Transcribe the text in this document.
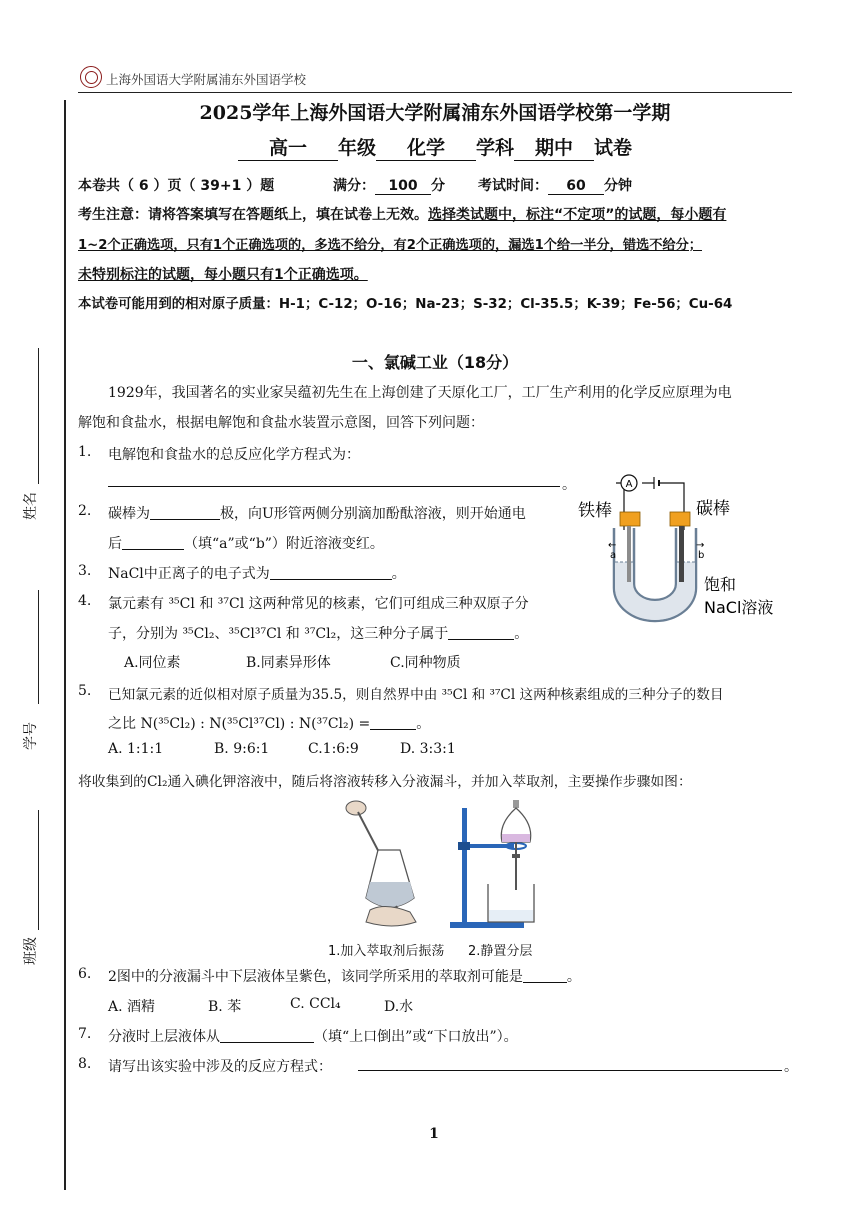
上海外国语大学附属浦东外国语学校
姓名
学号
班级
2025学年上海外国语大学附属浦东外国语学校第一学期
高一 年级 化学 学科 期中 试卷
本卷共（ 6 ）页（ 39+1 ）题	满分： 100 分 考试时间： 60 分钟
考生注意：请将答案填写在答题纸上，填在试卷上无效。选择类试题中，标注“不定项”的试题，每小题有
1~2个正确选项，只有1个正确选项的，多选不给分，有2个正确选项的，漏选1个给一半分，错选不给分；
未特别标注的试题，每小题只有1个正确选项。
本试卷可能用到的相对原子质量：H-1；C-12；O-16；Na-23；S-32；Cl-35.5；K-39；Fe-56；Cu-64
一、氯碱工业（18分）
1929年，我国著名的实业家吴蕴初先生在上海创建了天原化工厂，工厂生产利用的化学反应原理为电
解饱和食盐水，根据电解饱和食盐水装置示意图，回答下列问题：
1. 电解饱和食盐水的总反应化学方程式为：
。
2. 碳棒为	极，向U形管两侧分别滴加酚酞溶液，则开始通电
后	（填“a”或“b”）附近溶液变红。
3. NaCl中正离子的电子式为	。
4. 氯元素有 ³⁵Cl 和 ³⁷Cl 这两种常见的核素，它们可组成三种双原子分
子，分别为 ³⁵Cl₂、³⁵Cl³⁷Cl 和 ³⁷Cl₂，这三种分子属于	。
A.同位素	B.同素异形体	C.同种物质
5. 已知氯元素的近似相对原子质量为35.5，则自然界中由 ³⁵Cl 和 ³⁷Cl 这两种核素组成的三种分子的数目
之比 N(³⁵Cl₂) : N(³⁵Cl³⁷Cl) : N(³⁷Cl₂) =	。
A. 1:1:1	B. 9:6:1	C.1:6:9	D. 3:3:1
将收集到的Cl₂通入碘化钾溶液中，随后将溶液转移入分液漏斗，并加入萃取剂，主要操作步骤如图：
A
铁棒	碳棒
←
a
→
b
饱和
NaCl溶液
1.加入萃取剂后振荡 2.静置分层
6. 2图中的分液漏斗中下层液体呈紫色，该同学所采用的萃取剂可能是	。
A. 酒精	B. 苯	C. CCl₄	D.水
7. 分液时上层液体从	（填“上口倒出”或“下口放出”）。
8. 请写出该实验中涉及的反应方程式：	。
1
